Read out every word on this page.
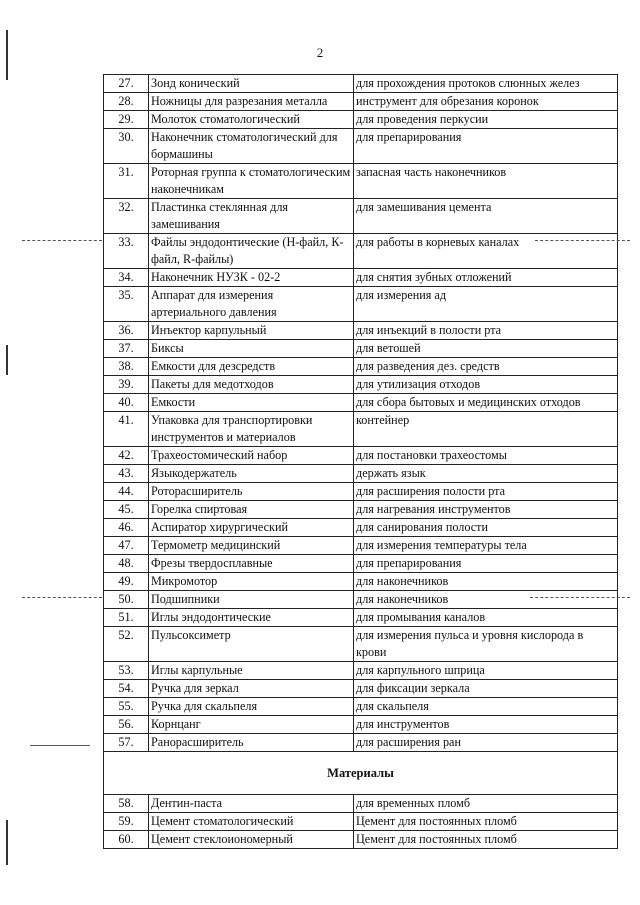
2
27.	Зонд конический	для прохождения протоков слюнных желез
28.	Ножницы для разрезания металла	инструмент для обрезания коронок
29.	Молоток стоматологический	для проведения перкусии
30.	Наконечник стоматологический для бормашины	для препарирования
31.	Роторная группа к стоматологическим наконечникам	запасная часть наконечников
32.	Пластинка стеклянная для замешивания	для замешивания цемента
33.	Файлы эндодонтические (Н-файл, К-файл, R-файлы)	для работы в корневых каналах
34.	Наконечник НУЗК - 02-2	для снятия зубных отложений
35.	Аппарат для измерения артериального давления	для измерения ад
36.	Инъектор карпульный	для инъекций в полости рта
37.	Биксы	для ветошей
38.	Емкости для дезсредств	для разведения дез. средств
39.	Пакеты для медотходов	для утилизация отходов
40.	Емкости	для сбора бытовых и медицинских отходов
41.	Упаковка для транспортировки инструментов и материалов	контейнер
42.	Трахеостомический набор	для постановки трахеостомы
43.	Языкодержатель	держать язык
44.	Роторасширитель	для расширения полости рта
45.	Горелка спиртовая	для нагревания инструментов
46.	Аспиратор хирургический	для санирования полости
47.	Термометр медицинский	для измерения температуры тела
48.	Фрезы твердосплавные	для препарирования
49.	Микромотор	для наконечников
50.	Подшипники	для наконечников
51.	Иглы эндодонтические	для промывания каналов
52.	Пульсоксиметр	для измерения пульса и уровня кислорода в крови
53.	Иглы карпульные	для карпульного шприца
54.	Ручка для зеркал	для фиксации зеркала
55.	Ручка для скальпеля	для скальпеля
56.	Корнцанг	для инструментов
57.	Ранорасширитель	для расширения ран
Материалы		
58.	Дентин-паста	для временных пломб
59.	Цемент стоматологический	Цемент для постоянных пломб
60.	Цемент стеклоиономерный	Цемент для постоянных пломб
